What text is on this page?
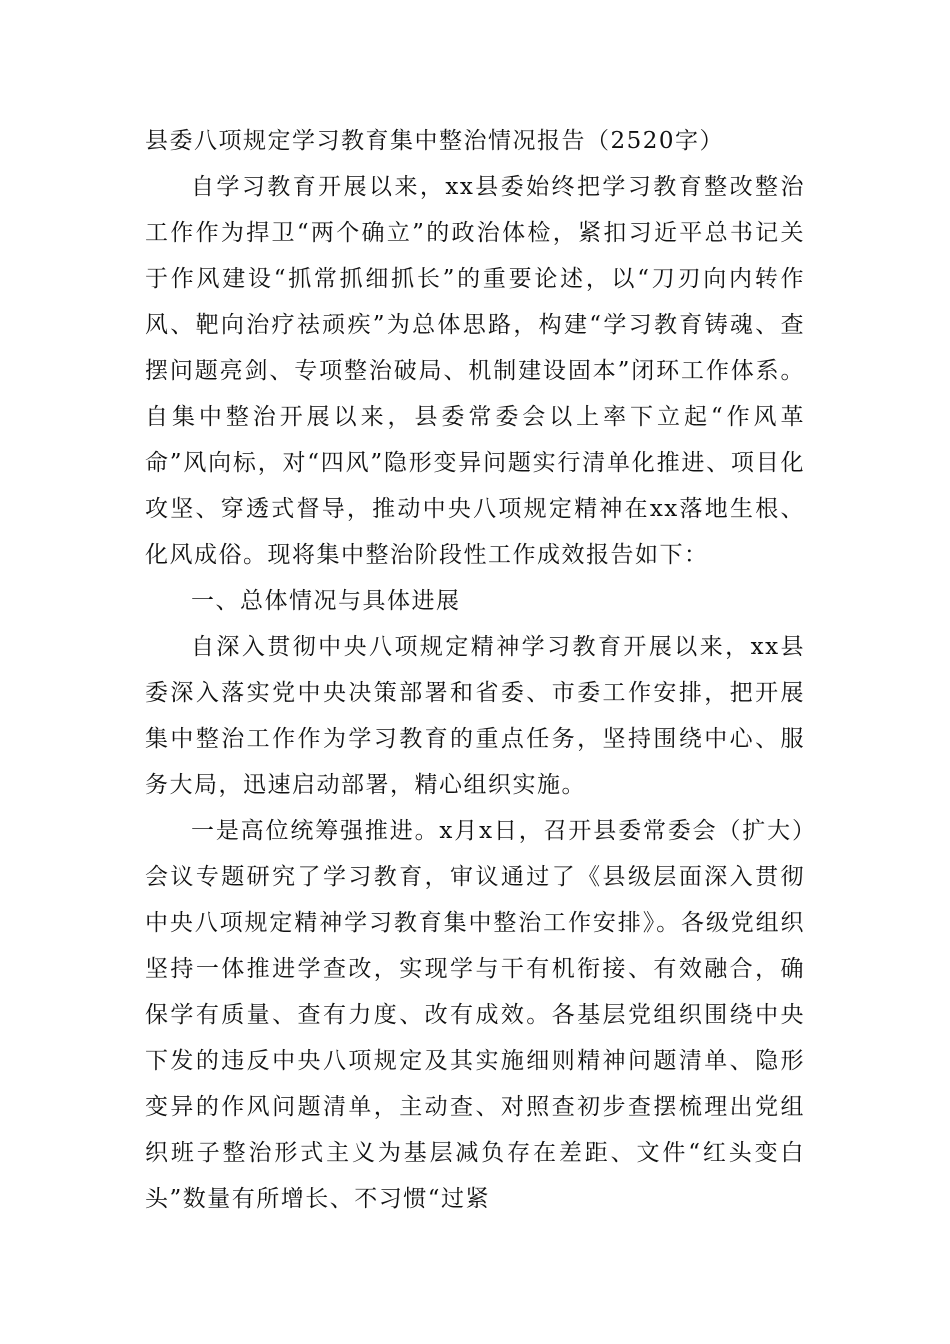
县委八项规定学习教育集中整治情况报告（2520字）

自学习教育开展以来，xx县委始终把学习教育整改整治工作作为捍卫“两个确立”的政治体检，紧扣习近平总书记关于作风建设“抓常抓细抓长”的重要论述，以“刀刃向内转作风、靶向治疗祛顽疾”为总体思路，构建“学习教育铸魂、查摆问题亮剑、专项整治破局、机制建设固本”闭环工作体系。自集中整治开展以来，县委常委会以上率下立起“作风革命”风向标，对“四风”隐形变异问题实行清单化推进、项目化攻坚、穿透式督导，推动中央八项规定精神在xx落地生根、化风成俗。现将集中整治阶段性工作成效报告如下：

一、总体情况与具体进展

自深入贯彻中央八项规定精神学习教育开展以来，xx县委深入落实党中央决策部署和省委、市委工作安排，把开展集中整治工作作为学习教育的重点任务，坚持围绕中心、服务大局，迅速启动部署，精心组织实施。

一是高位统筹强推进。x月x日，召开县委常委会（扩大）会议专题研究了学习教育，审议通过了《县级层面深入贯彻中央八项规定精神学习教育集中整治工作安排》。各级党组织坚持一体推进学查改，实现学与干有机衔接、有效融合，确保学有质量、查有力度、改有成效。各基层党组织围绕中央下发的违反中央八项规定及其实施细则精神问题清单、隐形变异的作风问题清单，主动查、对照查初步查摆梳理出党组织班子整治形式主义为基层减负存在差距、文件“红头变白头”数量有所增长、不习惯“过紧
